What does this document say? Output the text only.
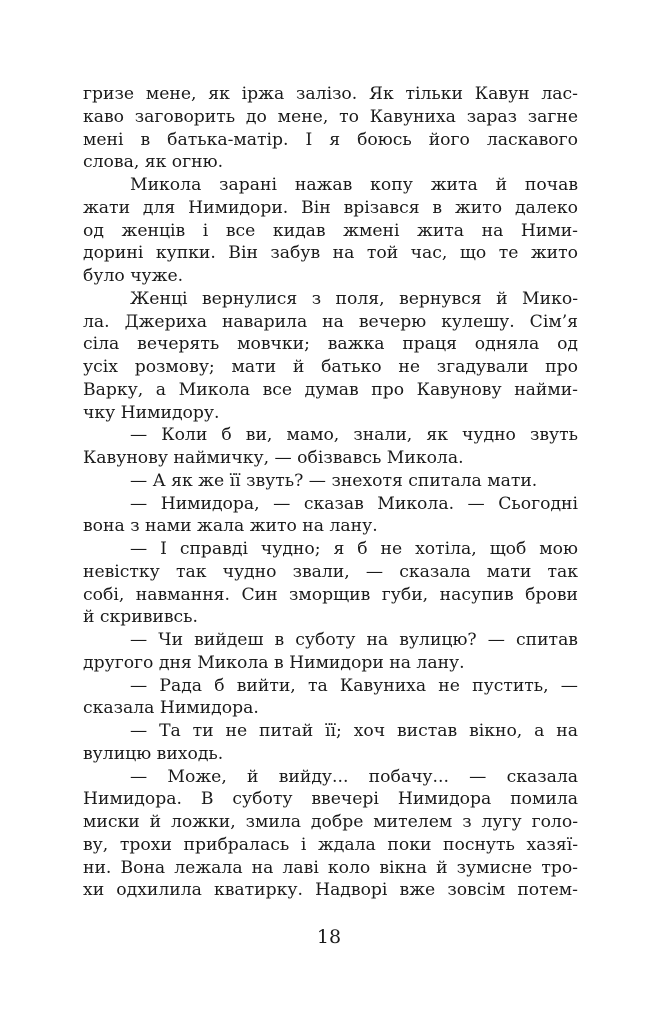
гризе мене, як іржа залізо. Як тільки Кавун лас-
каво заговорить до мене, то Кавуниха зараз загне
мені в батька-матір. І я боюсь його ласкавого
слова, як огню.
Микола зарані нажав копу жита й почав
жати для Нимидори. Він врізався в жито далеко
од женців і все кидав жмені жита на Ними-
дорині купки. Він забув на той час, що те жито
було чуже.
Женці вернулися з поля, вернувся й Мико-
ла. Джериха наварила на вечерю кулешу. Сім’я
сіла вечерять мовчки; важка праця одняла од
усіх розмову; мати й батько не згадували про
Варку, а Микола все думав про Кавунову найми-
чку Нимидору.
— Коли б ви, мамо, знали, як чудно звуть
Кавунову наймичку, — обізвавсь Микола.
— А як же її звуть? — знехотя спитала мати.
— Нимидора, — сказав Микола. — Сьогодні
вона з нами жала жито на лану.
— І справді чудно; я б не хотіла, щоб мою
невістку так чудно звали, — сказала мати так
собі, навмання. Син зморщив губи, насупив брови
й скрививсь.
— Чи вийдеш в суботу на вулицю? — спитав
другого дня Микола в Нимидори на лану.
— Рада б вийти, та Кавуниха не пустить, —
сказала Нимидора.
— Та ти не питай її; хоч вистав вікно, а на
вулицю виходь.
— Може, й вийду... побачу... — сказала
Нимидора. В суботу ввечері Нимидора помила
миски й ложки, змила добре мителем з лугу голо-
ву, трохи прибралась і ждала поки поснуть хазяї-
ни. Вона лежала на лаві коло вікна й зумисне тро-
хи одхилила кватирку. Надворі вже зовсім потем-
18
